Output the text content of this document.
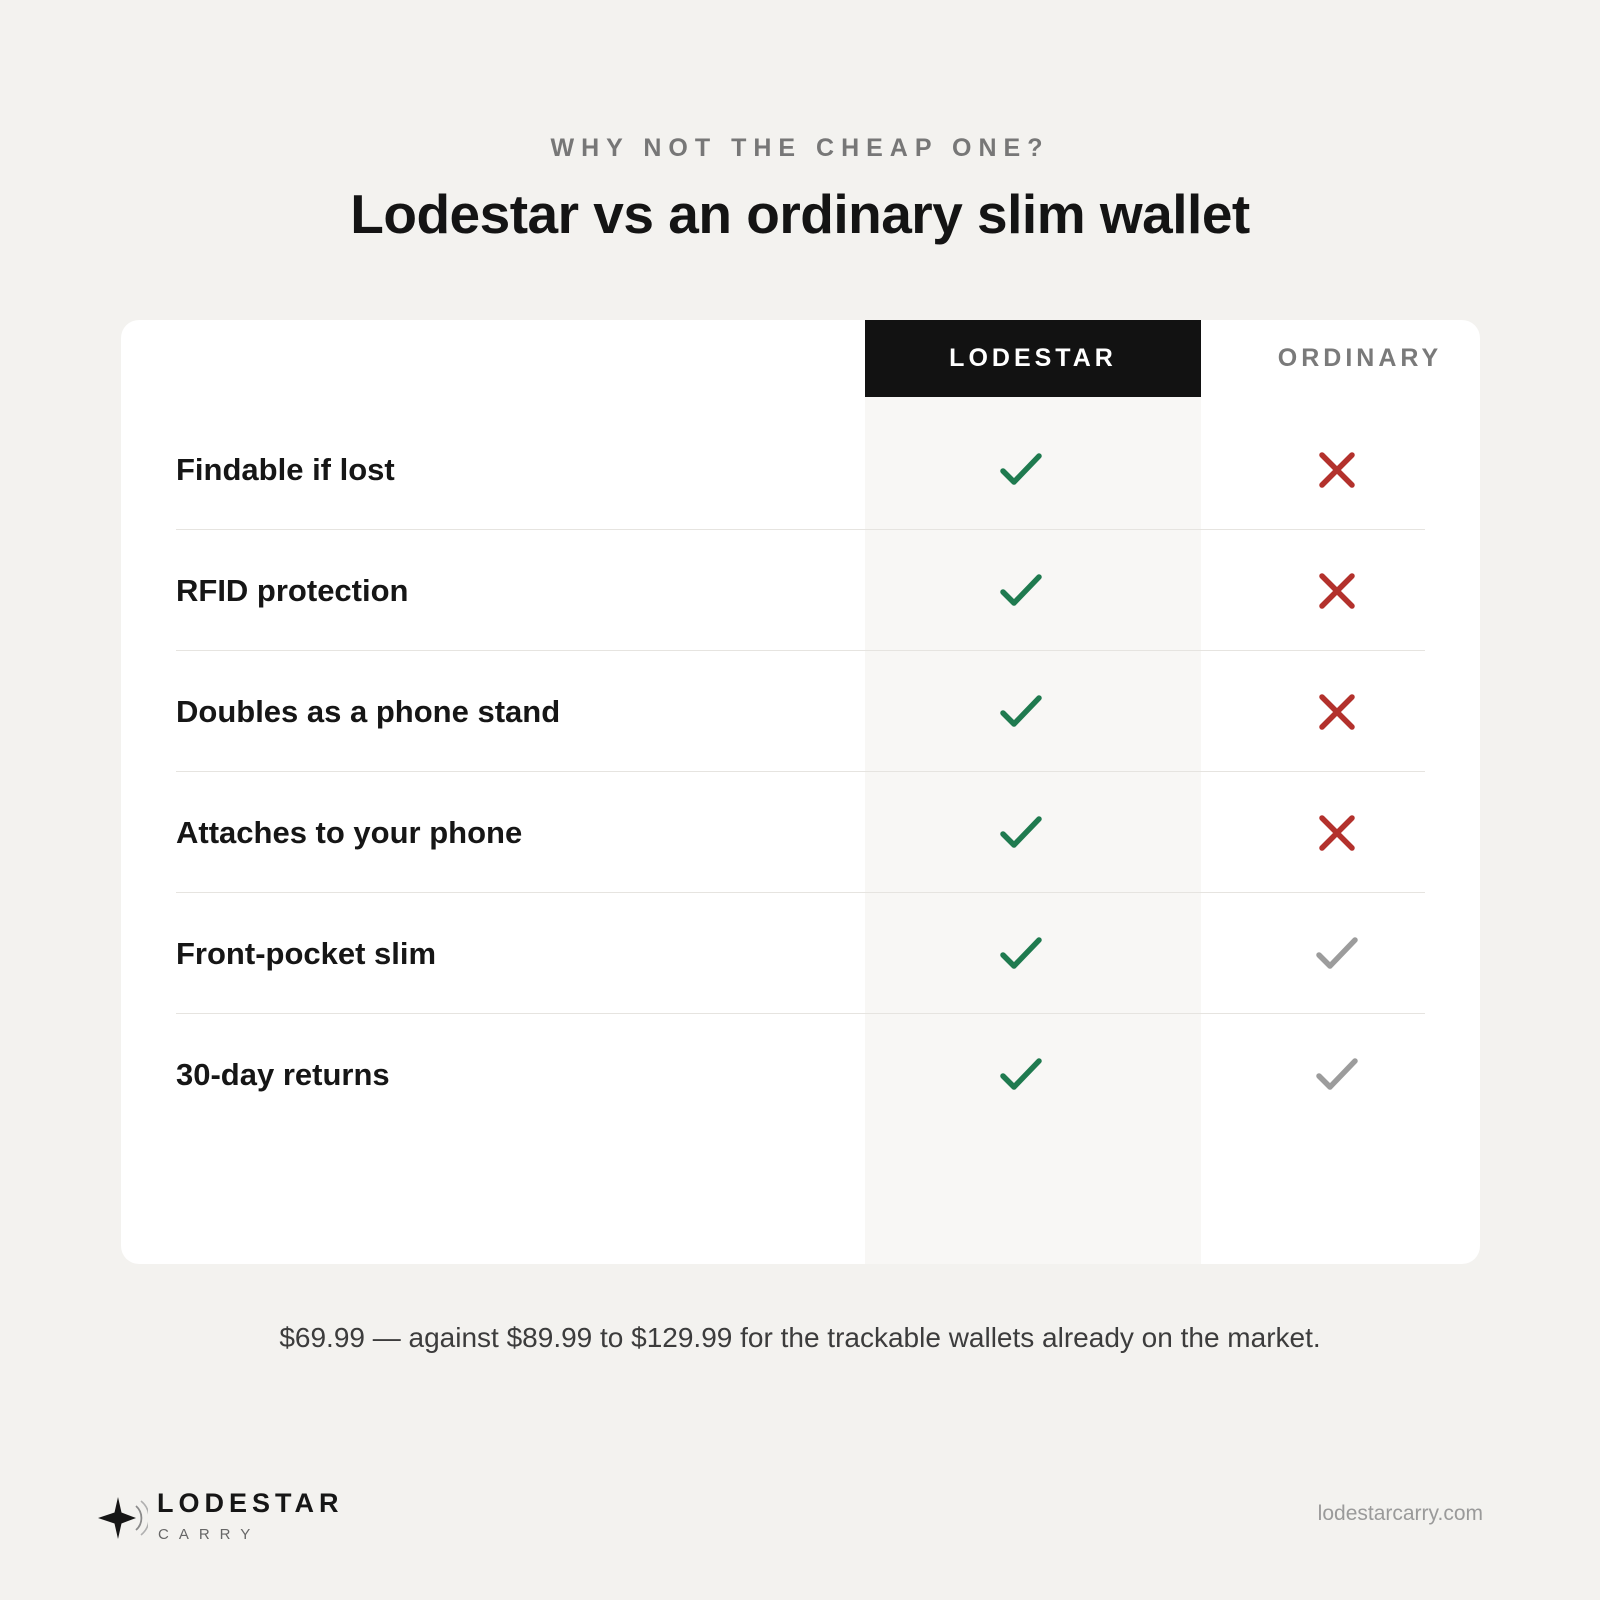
WHY NOT THE CHEAP ONE?
Lodestar vs an ordinary slim wallet
LODESTAR	ORDINARY
Findable if lost
RFID protection
Doubles as a phone stand
Attaches to your phone
Front-pocket slim
30-day returns
$69.99 — against $89.99 to $129.99 for the trackable wallets already on the market.
LODESTAR
CARRY
lodestarcarry.com
